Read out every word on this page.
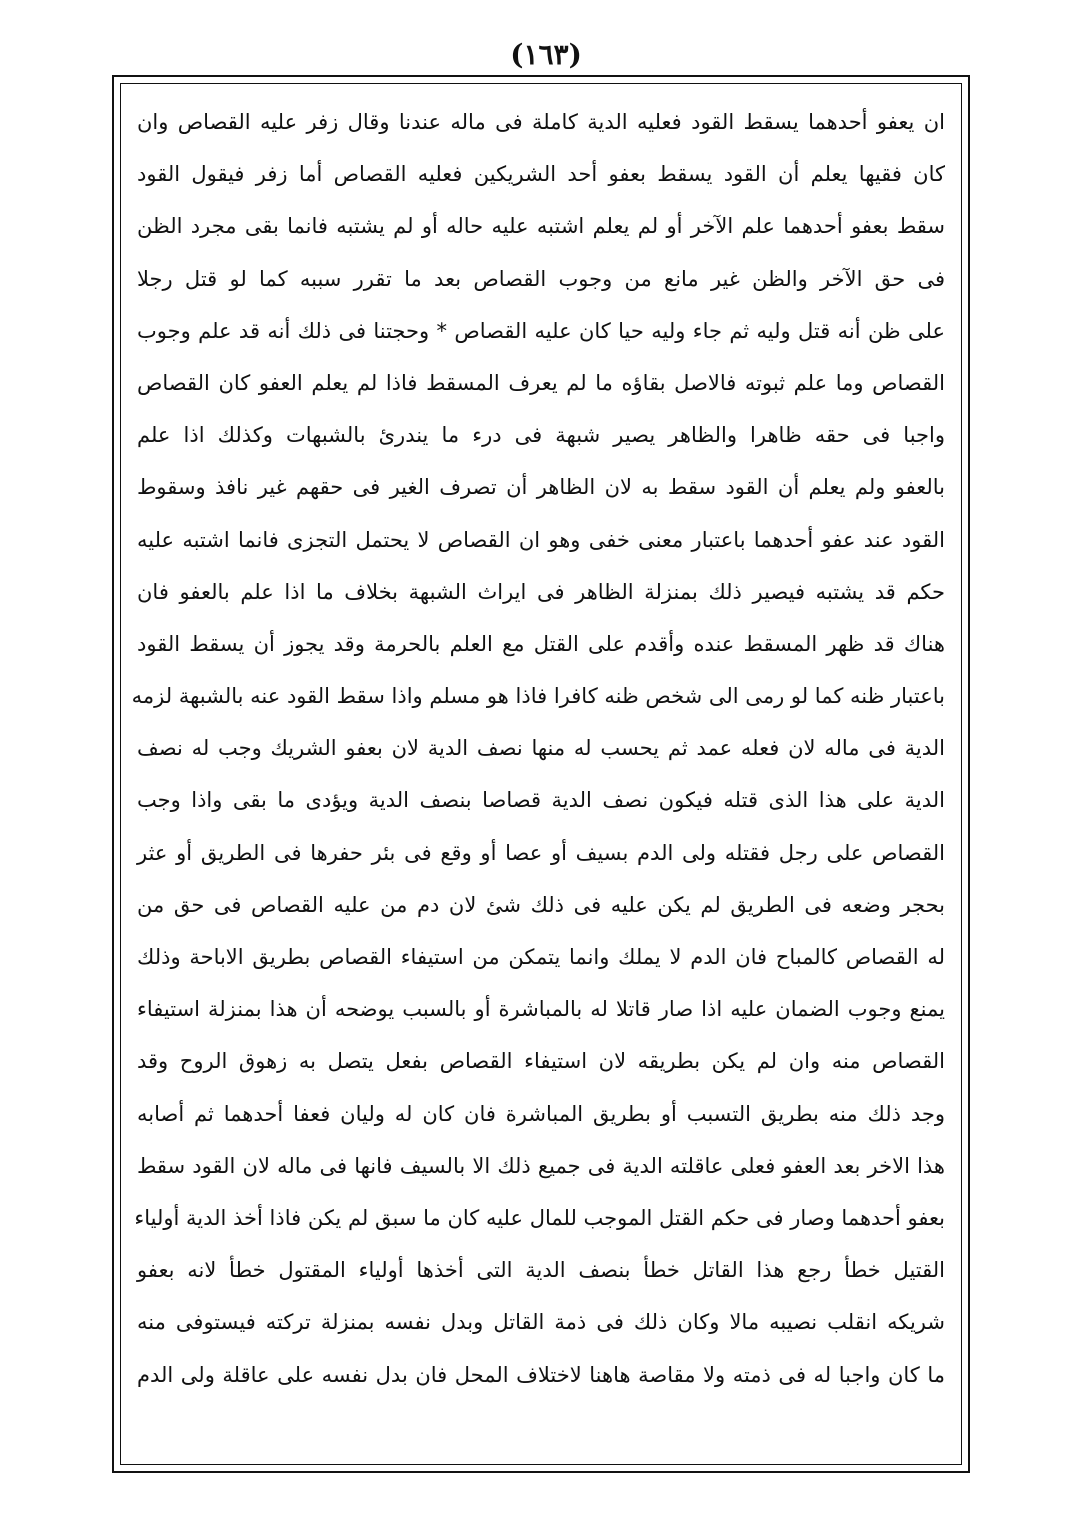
(١٦٣)
ان يعفو أحدهما يسقط القود فعليه الدية كاملة فى ماله عندنا وقال زفر عليه القصاص وان
كان فقيها يعلم أن القود يسقط بعفو أحد الشريكين فعليه القصاص أما زفر فيقول القود
سقط بعفو أحدهما علم الآخر أو لم يعلم اشتبه عليه حاله أو لم يشتبه فانما بقى مجرد الظن
فى حق الآخر والظن غير مانع من وجوب القصاص بعد ما تقرر سببه كما لو قتل رجلا
على ظن أنه قتل وليه ثم جاء وليه حيا كان عليه القصاص * وحجتنا فى ذلك أنه قد علم وجوب
القصاص وما علم ثبوته فالاصل بقاؤه ما لم يعرف المسقط فاذا لم يعلم العفو كان القصاص
واجبا فى حقه ظاهرا والظاهر يصير شبهة فى درء ما يندرئ بالشبهات وكذلك اذا علم
بالعفو ولم يعلم أن القود سقط به لان الظاهر أن تصرف الغير فى حقهم غير نافذ وسقوط
القود عند عفو أحدهما باعتبار معنى خفى وهو ان القصاص لا يحتمل التجزى فانما اشتبه عليه
حكم قد يشتبه فيصير ذلك بمنزلة الظاهر فى ايراث الشبهة بخلاف ما اذا علم بالعفو فان
هناك قد ظهر المسقط عنده وأقدم على القتل مع العلم بالحرمة وقد يجوز أن يسقط القود
باعتبار ظنه كما لو رمى الى شخص ظنه كافرا فاذا هو مسلم واذا سقط القود عنه بالشبهة لزمه
الدية فى ماله لان فعله عمد ثم يحسب له منها نصف الدية لان بعفو الشريك وجب له نصف
الدية على هذا الذى قتله فيكون نصف الدية قصاصا بنصف الدية ويؤدى ما بقى واذا وجب
القصاص على رجل فقتله ولى الدم بسيف أو عصا أو وقع فى بئر حفرها فى الطريق أو عثر
بحجر وضعه فى الطريق لم يكن عليه فى ذلك شئ لان دم من عليه القصاص فى حق من
له القصاص كالمباح فان الدم لا يملك وانما يتمكن من استيفاء القصاص بطريق الاباحة وذلك
يمنع وجوب الضمان عليه اذا صار قاتلا له بالمباشرة أو بالسبب يوضحه أن هذا بمنزلة استيفاء
القصاص منه وان لم يكن بطريقه لان استيفاء القصاص بفعل يتصل به زهوق الروح وقد
وجد ذلك منه بطريق التسبب أو بطريق المباشرة فان كان له وليان فعفا أحدهما ثم أصابه
هذا الاخر بعد العفو فعلى عاقلته الدية فى جميع ذلك الا بالسيف فانها فى ماله لان القود سقط
بعفو أحدهما وصار فى حكم القتل الموجب للمال عليه كان ما سبق لم يكن فاذا أخذ الدية أولياء
القتيل خطأ رجع هذا القاتل خطأ بنصف الدية التى أخذها أولياء المقتول خطأ لانه بعفو
شريكه انقلب نصيبه مالا وكان ذلك فى ذمة القاتل وبدل نفسه بمنزلة تركته فيستوفى منه
ما كان واجبا له فى ذمته ولا مقاصة هاهنا لاختلاف المحل فان بدل نفسه على عاقلة ولى الدم
